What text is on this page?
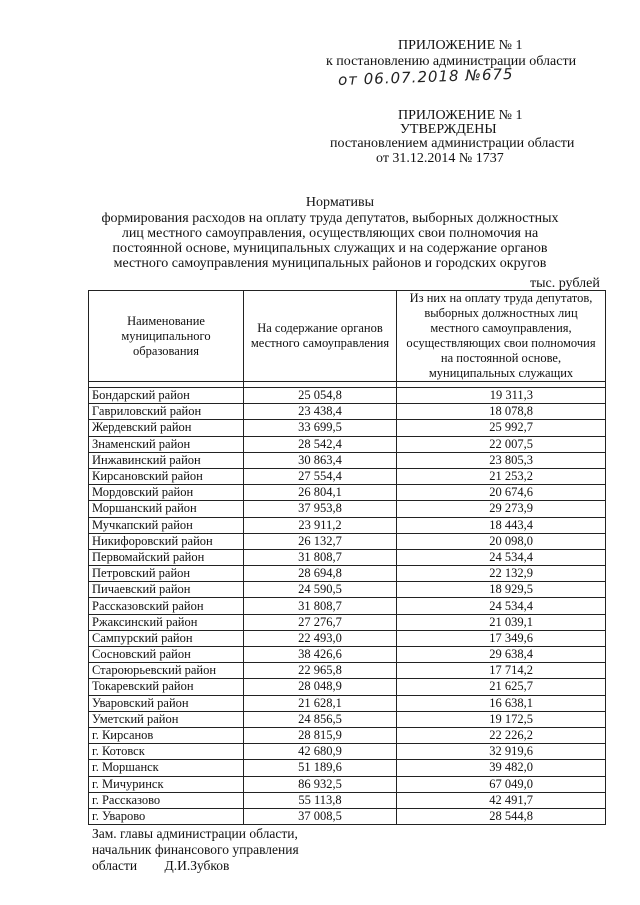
ПРИЛОЖЕНИЕ № 1
к постановлению администрации области
от 06.07.2018 №675
ПРИЛОЖЕНИЕ № 1
УТВЕРЖДЕНЫ
постановлением администрации области
от 31.12.2014 № 1737
Нормативы
формирования расходов на оплату труда депутатов, выборных должностных
лиц местного самоуправления, осуществляющих свои полномочия на
постоянной основе, муниципальных служащих и на содержание органов
местного самоуправления муниципальных районов и городских округов
тыс. рублей
Наименование муниципального образования	На содержание органов местного самоуправления	Из них на оплату труда депутатов, выборных должностных лиц местного самоуправления, осуществляющих свои полномочия на постоянной основе, муниципальных служащих

Бондарский район	25 054,8	19 311,3
Гавриловский район	23 438,4	18 078,8
Жердевский район	33 699,5	25 992,7
Знаменский район	28 542,4	22 007,5
Инжавинский район	30 863,4	23 805,3
Кирсановский район	27 554,4	21 253,2
Мордовский район	26 804,1	20 674,6
Моршанский район	37 953,8	29 273,9
Мучкапский район	23 911,2	18 443,4
Никифоровский район	26 132,7	20 098,0
Первомайский район	31 808,7	24 534,4
Петровский район	28 694,8	22 132,9
Пичаевский район	24 590,5	18 929,5
Рассказовский район	31 808,7	24 534,4
Ржаксинский район	27 276,7	21 039,1
Сампурский район	22 493,0	17 349,6
Сосновский район	38 426,6	29 638,4
Староюрьевский район	22 965,8	17 714,2
Токаревский район	28 048,9	21 625,7
Уваровский район	21 628,1	16 638,1
Уметский район	24 856,5	19 172,5
г. Кирсанов	28 815,9	22 226,2
г. Котовск	42 680,9	32 919,6
г. Моршанск	51 189,6	39 482,0
г. Мичуринск	86 932,5	67 049,0
г. Рассказово	55 113,8	42 491,7
г. Уварово	37 008,5	28 544,8
Зам. главы администрации области,
начальник финансового управления
области Д.И.Зубков
